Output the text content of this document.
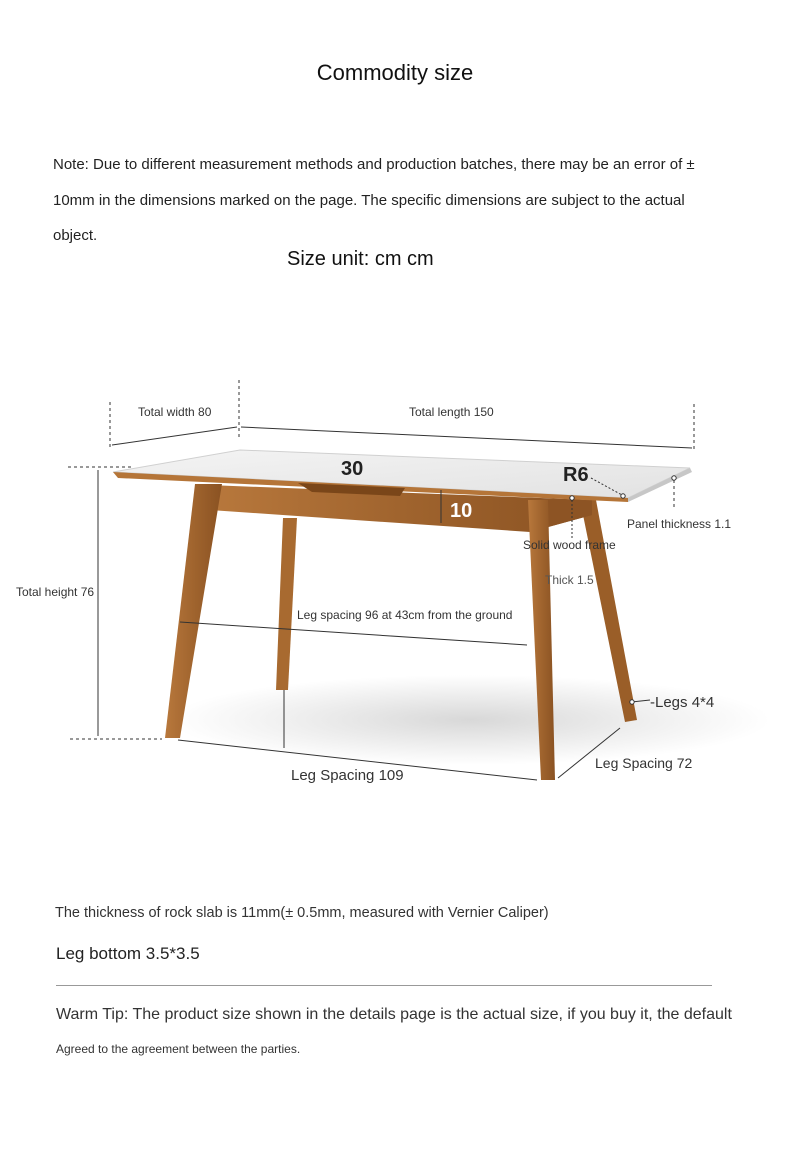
Commodity size
Note: Due to different measurement methods and production batches, there may be an error of ± 10mm in the dimensions marked on the page. The specific dimensions are subject to the actual object.
Size unit: cm cm
Total width 80	Total length 150
30	R6
10
Panel thickness 1.1
Solid wood frame
Thick 1.5
Total height 76
Leg spacing 96 at 43cm from the ground
-Legs 4*4
Leg Spacing 109
Leg Spacing 72
The thickness of rock slab is 11mm(± 0.5mm, measured with Vernier Caliper)
Leg bottom 3.5*3.5
Warm Tip: The product size shown in the details page is the actual size, if you buy it, the default
Agreed to the agreement between the parties.
